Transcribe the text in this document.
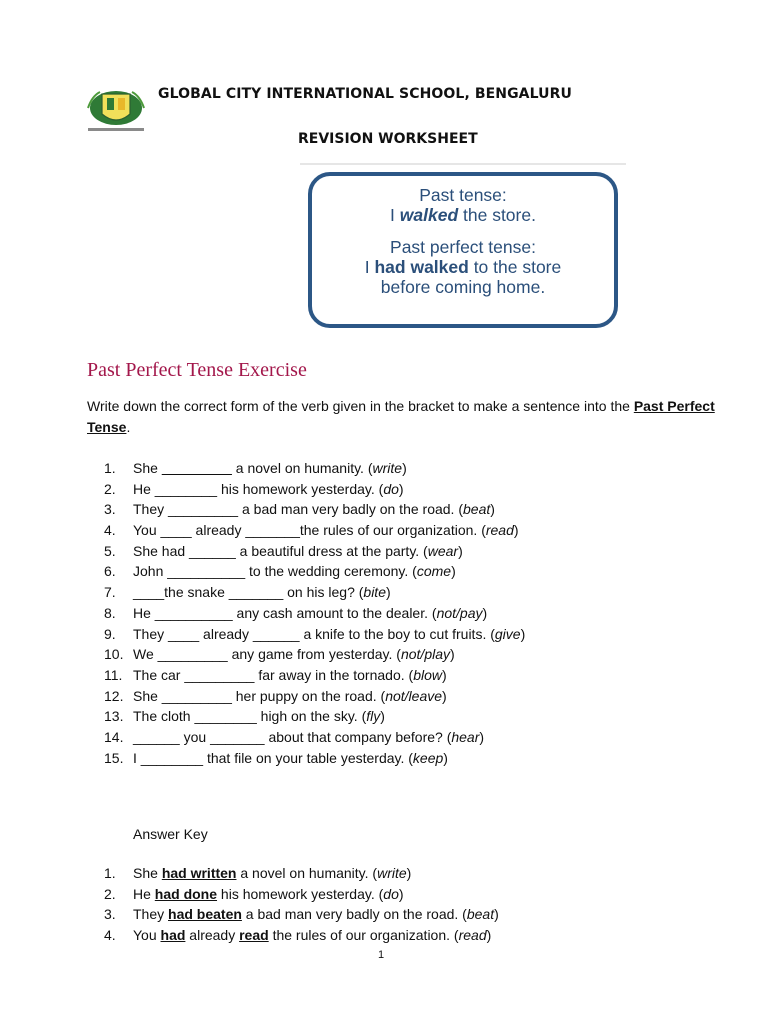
GLOBAL CITY INTERNATIONAL SCHOOL, BENGALURU
REVISION WORKSHEET
Past tense:
I walked the store.
Past perfect tense:
I had walked to the store
before coming home.
Past Perfect Tense Exercise
Write down the correct form of the verb given in the bracket to make a sentence into the Past Perfect Tense.
1. She _________ a novel on humanity. (write)
2. He ________ his homework yesterday. (do)
3. They _________ a bad man very badly on the road. (beat)
4. You ____ already _______the rules of our organization. (read)
5. She had ______ a beautiful dress at the party. (wear)
6. John __________ to the wedding ceremony. (come)
7. ____the snake _______ on his leg? (bite)
8. He __________ any cash amount to the dealer. (not/pay)
9. They ____ already ______ a knife to the boy to cut fruits. (give)
10. We _________ any game from yesterday. (not/play)
11. The car _________ far away in the tornado. (blow)
12. She _________ her puppy on the road. (not/leave)
13. The cloth ________ high on the sky. (fly)
14. ______ you _______ about that company before? (hear)
15. I ________ that file on your table yesterday. (keep)
Answer Key
1. She had written a novel on humanity. (write)
2. He had done his homework yesterday. (do)
3. They had beaten a bad man very badly on the road. (beat)
4. You had already read the rules of our organization. (read)
1
